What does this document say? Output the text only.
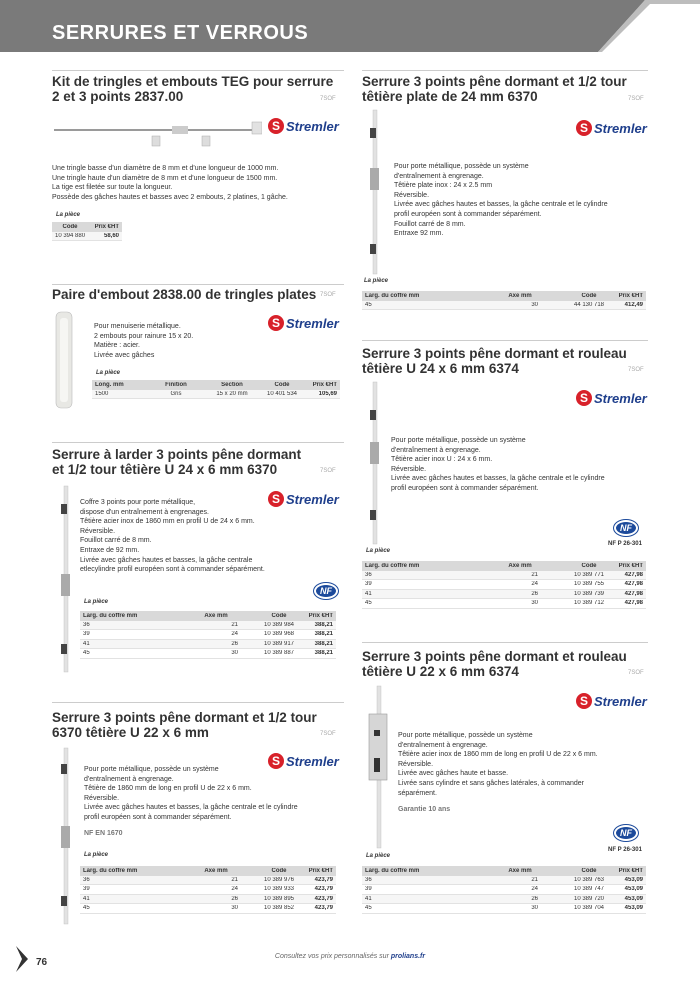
SERRURES ET VERROUS
Kit de tringles et embouts TEG pour serrure
2 et 3 points 2837.00	7SOF
S Stremler
Une tringle basse d'un diamètre de 8 mm et d'une longueur de 1000 mm.
Une tringle haute d'un diamètre de 8 mm et d'une longueur de 1500 mm.
La tige est filetée sur toute la longueur.
Possède des gâches hautes et basses avec 2 embouts, 2 platines, 1 gâche.
La pièce
Code	Prix €HT
10 394 880	58,60
Paire d'embout 2838.00 de tringles plates 7SOF
S Stremler
Pour menuiserie métallique.
2 embouts pour rainure 15 x 20.
Matière : acier.
Livrée avec gâches
La pièce
Long. mm	Finition	Section	Code	Prix €HT
1500	Gris	15 x 20 mm	10 401 534	105,69
Serrure à larder 3 points pêne dormant
et 1/2 tour têtière U 24 x 6 mm 6370	7SOF
S Stremler
Coffre 3 points pour porte métallique,
dispose d'un entraînement à engrenages.
Têtière acier inox de 1860 mm en profil U de 24 x 6 mm.
Réversible.
Fouillot carré de 8 mm.
Entraxe de 92 mm.
Livrée avec gâches hautes et basses, la gâche centrale
etlecylindre profil européen sont à commander séparément.
NF
La pièce
Larg. du coffre mm	Axe mm	Code	Prix €HT
36	21	10 389 984	388,21
39	24	10 389 968	388,21
41	26	10 389 917	388,21
45	30	10 389 887	388,21
Serrure 3 points pêne dormant et 1/2 tour
6370 têtière U 22 x 6 mm	7SOF
S Stremler
Pour porte métallique, possède un système
d'entraînement à engrenage.
Têtière de 1860 mm de long en profil U de 22 x 6 mm.
Réversible.
Livrée avec gâches hautes et basses, la gâche centrale et le cylindre
profil européen sont à commander séparément.
NF EN 1670
La pièce
Larg. du coffre mm	Axe mm	Code	Prix €HT
36	21	10 389 976	423,79
39	24	10 389 933	423,79
41	26	10 389 895	423,79
45	30	10 389 852	423,79
Serrure 3 points pêne dormant et 1/2 tour
têtière plate de 24 mm 6370	7SOF
S Stremler
Pour porte métallique, possède un système
d'entraînement à engrenage.
Têtière plate inox : 24 x 2.5 mm
Réversible.
Livrée avec gâches hautes et basses, la gâche centrale et le cylindre
profil européen sont à commander séparément.
Fouillot carré de 8 mm.
Entraxe 92 mm.
La pièce
Larg. du coffre mm	Axe mm	Code	Prix €HT
45	30	44 130 718	412,49
Serrure 3 points pêne dormant et rouleau
têtière U 24 x 6 mm 6374	7SOF
S Stremler
Pour porte métallique, possède un système
d'entraînement à engrenage.
Têtière acier inox U : 24 x 6 mm.
Réversible.
Livrée avec gâches hautes et basses, la gâche centrale et le cylindre
profil européen sont à commander séparément.
NF
NF P 26-301
La pièce
Larg. du coffre mm	Axe mm	Code	Prix €HT
36	21	10 389 771	427,98
39	24	10 389 755	427,98
41	26	10 389 739	427,98
45	30	10 389 712	427,98
Serrure 3 points pêne dormant et rouleau
têtière U 22 x 6 mm 6374	7SOF
S Stremler
Pour porte métallique, possède un système
d'entraînement à engrenage.
Têtière acier inox de 1860 mm de long en profil U de 22 x 6 mm.
Réversible.
Livrée avec gâches haute et basse.
Livrée sans cylindre et sans gâches latérales, à commander
séparément.
Garantie 10 ans
NF
NF P 26-301
La pièce
Larg. du coffre mm	Axe mm	Code	Prix €HT
36	21	10 389 763	453,09
39	24	10 389 747	453,09
41	26	10 389 720	453,09
45	30	10 389 704	453,09
76
Consultez vos prix personnalisés sur prolians.fr
